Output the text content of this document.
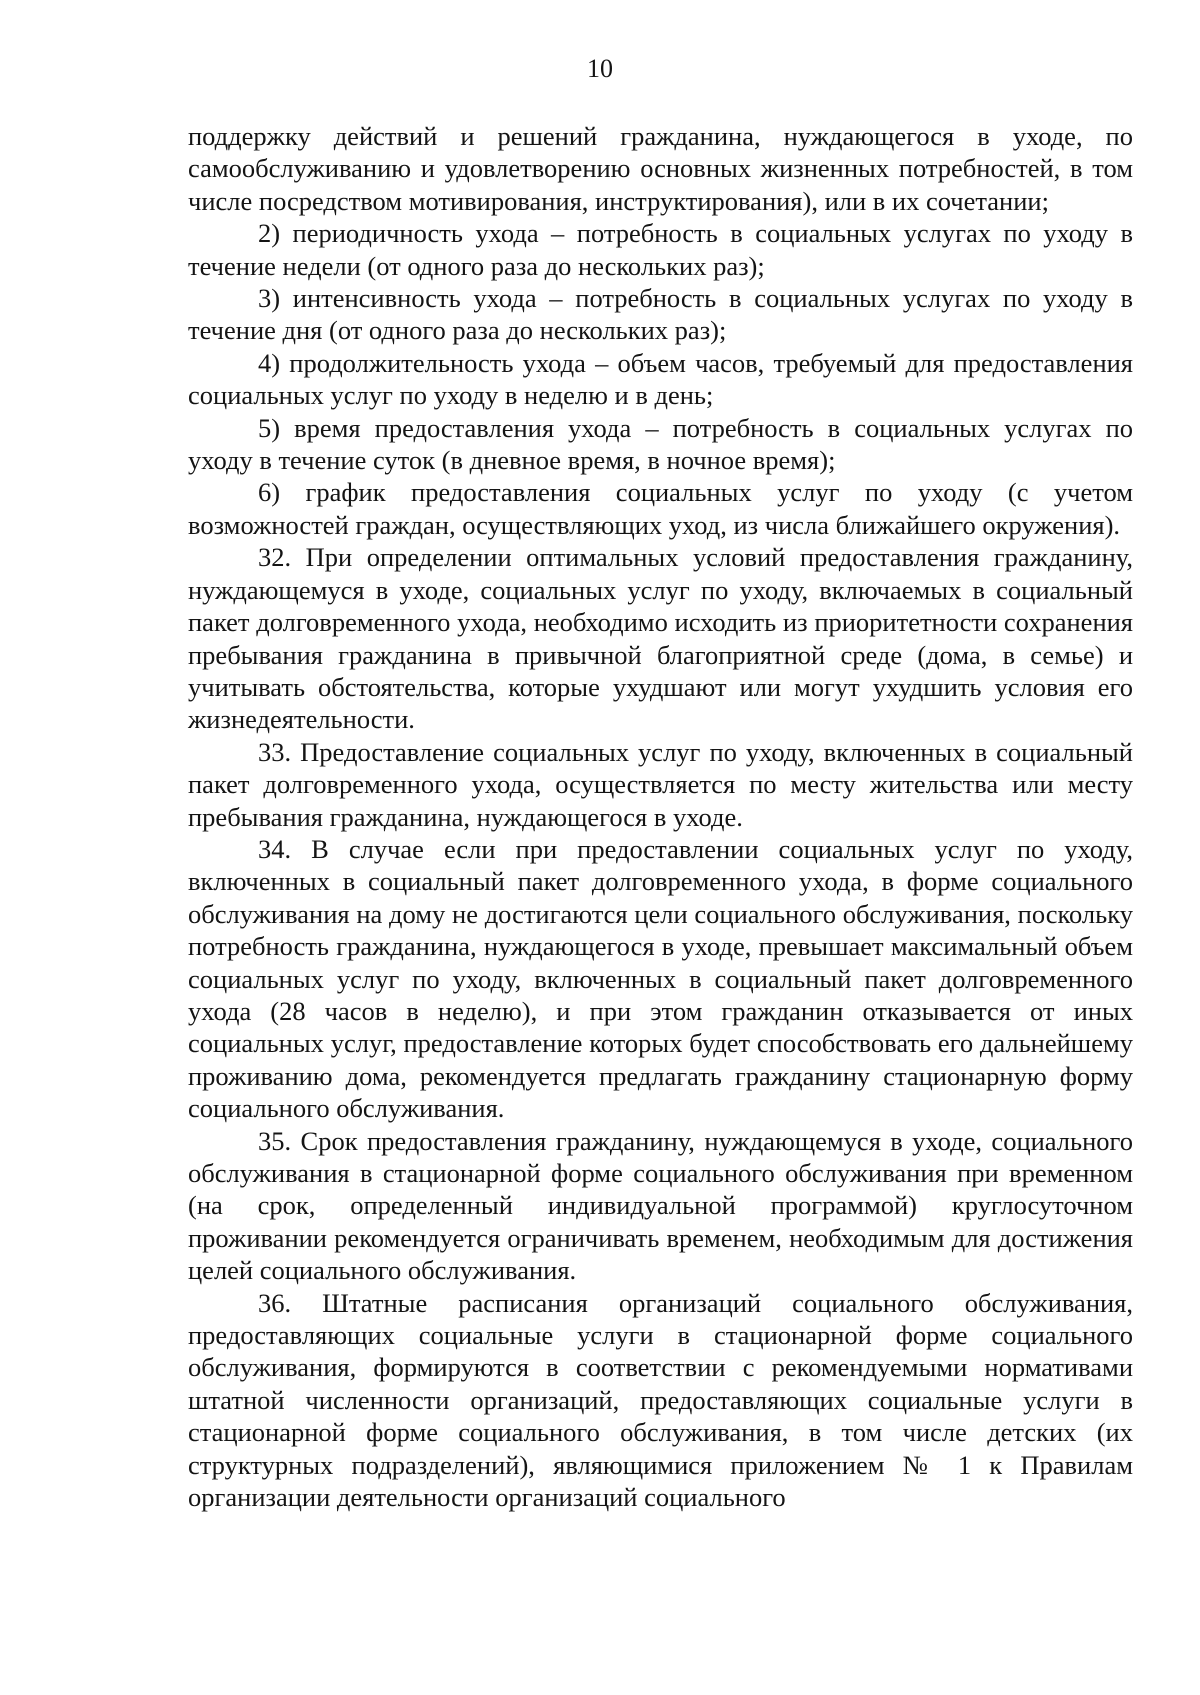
10

поддержку действий и решений гражданина, нуждающегося в уходе, по самообслуживанию и удовлетворению основных жизненных потребностей, в том числе посредством мотивирования, инструктирования), или в их сочетании;

2) периодичность ухода – потребность в социальных услугах по уходу в течение недели (от одного раза до нескольких раз);

3) интенсивность ухода – потребность в социальных услугах по уходу в течение дня (от одного раза до нескольких раз);

4) продолжительность ухода – объем часов, требуемый для предоставления социальных услуг по уходу в неделю и в день;

5) время предоставления ухода – потребность в социальных услугах по уходу в течение суток (в дневное время, в ночное время);

6) график предоставления социальных услуг по уходу (с учетом возможностей граждан, осуществляющих уход, из числа ближайшего окружения).

32. При определении оптимальных условий предоставления гражданину, нуждающемуся в уходе, социальных услуг по уходу, включаемых в социальный пакет долговременного ухода, необходимо исходить из приоритетности сохранения пребывания гражданина в привычной благоприятной среде (дома, в семье) и учитывать обстоятельства, которые ухудшают или могут ухудшить условия его жизнедеятельности.

33. Предоставление социальных услуг по уходу, включенных в социальный пакет долговременного ухода, осуществляется по месту жительства или месту пребывания гражданина, нуждающегося в уходе.

34. В случае если при предоставлении социальных услуг по уходу, включенных в социальный пакет долговременного ухода, в форме социального обслуживания на дому не достигаются цели социального обслуживания, поскольку потребность гражданина, нуждающегося в уходе, превышает максимальный объем социальных услуг по уходу, включенных в социальный пакет долговременного ухода (28 часов в неделю), и при этом гражданин отказывается от иных социальных услуг, предоставление которых будет способствовать его дальнейшему проживанию дома, рекомендуется предлагать гражданину стационарную форму социального обслуживания.

35. Срок предоставления гражданину, нуждающемуся в уходе, социального обслуживания в стационарной форме социального обслуживания при временном (на срок, определенный индивидуальной программой) круглосуточном проживании рекомендуется ограничивать временем, необходимым для достижения целей социального обслуживания.

36. Штатные расписания организаций социального обслуживания, предоставляющих социальные услуги в стационарной форме социального обслуживания, формируются в соответствии с рекомендуемыми нормативами штатной численности организаций, предоставляющих социальные услуги в стационарной форме социального обслуживания, в том числе детских (их структурных подразделений), являющимися приложением № 1 к Правилам организации деятельности организаций социального
